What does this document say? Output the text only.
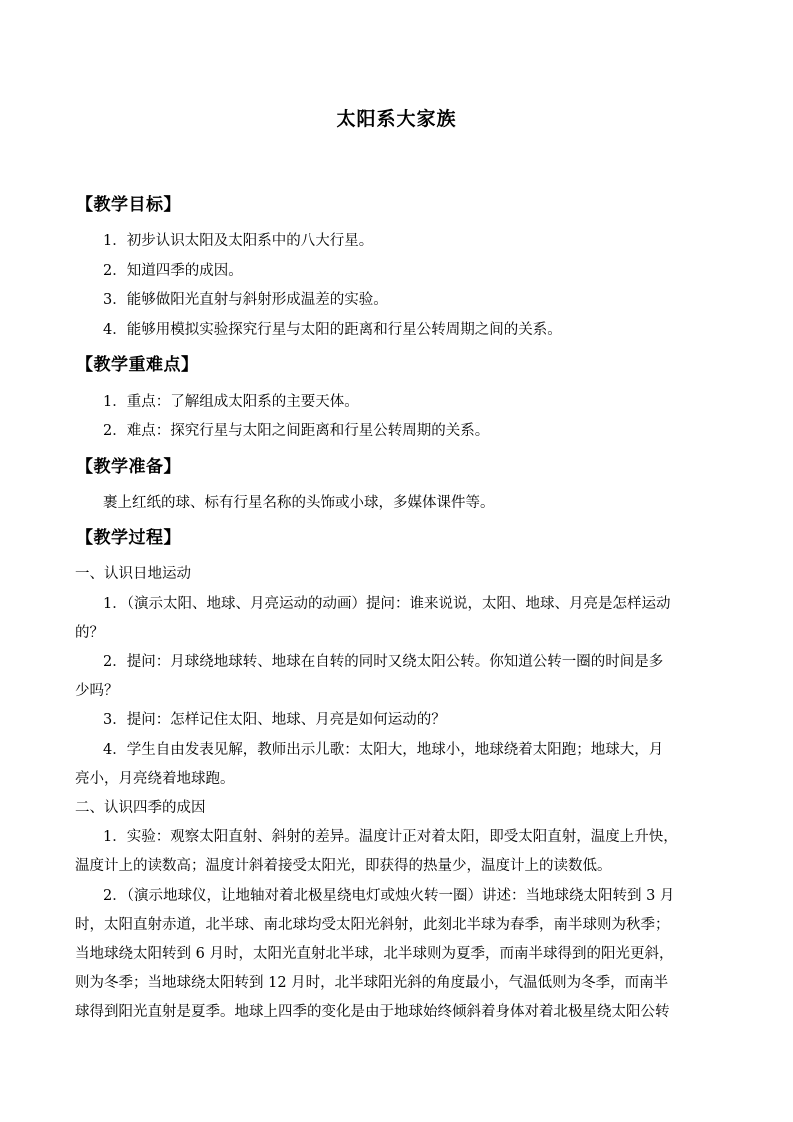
太阳系大家族
【教学目标】
1．初步认识太阳及太阳系中的八大行星。
2．知道四季的成因。
3．能够做阳光直射与斜射形成温差的实验。
4．能够用模拟实验探究行星与太阳的距离和行星公转周期之间的关系。
【教学重难点】
1．重点：了解组成太阳系的主要天体。
2．难点：探究行星与太阳之间距离和行星公转周期的关系。
【教学准备】
裹上红纸的球、标有行星名称的头饰或小球，多媒体课件等。
【教学过程】
一、认识日地运动
1．（演示太阳、地球、月亮运动的动画）提问：谁来说说，太阳、地球、月亮是怎样运动
的？
2．提问：月球绕地球转、地球在自转的同时又绕太阳公转。你知道公转一圈的时间是多
少吗？
3．提问：怎样记住太阳、地球、月亮是如何运动的？
4．学生自由发表见解，教师出示儿歌：太阳大，地球小，地球绕着太阳跑；地球大，月
亮小，月亮绕着地球跑。
二、认识四季的成因
1．实验：观察太阳直射、斜射的差异。温度计正对着太阳，即受太阳直射，温度上升快，
温度计上的读数高；温度计斜着接受太阳光，即获得的热量少，温度计上的读数低。
2．（演示地球仪，让地轴对着北极星绕电灯或烛火转一圈）讲述：当地球绕太阳转到 3 月
时，太阳直射赤道，北半球、南北球均受太阳光斜射，此刻北半球为春季，南半球则为秋季；
当地球绕太阳转到 6 月时，太阳光直射北半球，北半球则为夏季，而南半球得到的阳光更斜，
则为冬季；当地球绕太阳转到 12 月时，北半球阳光斜的角度最小，气温低则为冬季，而南半
球得到阳光直射是夏季。地球上四季的变化是由于地球始终倾斜着身体对着北极星绕太阳公转
